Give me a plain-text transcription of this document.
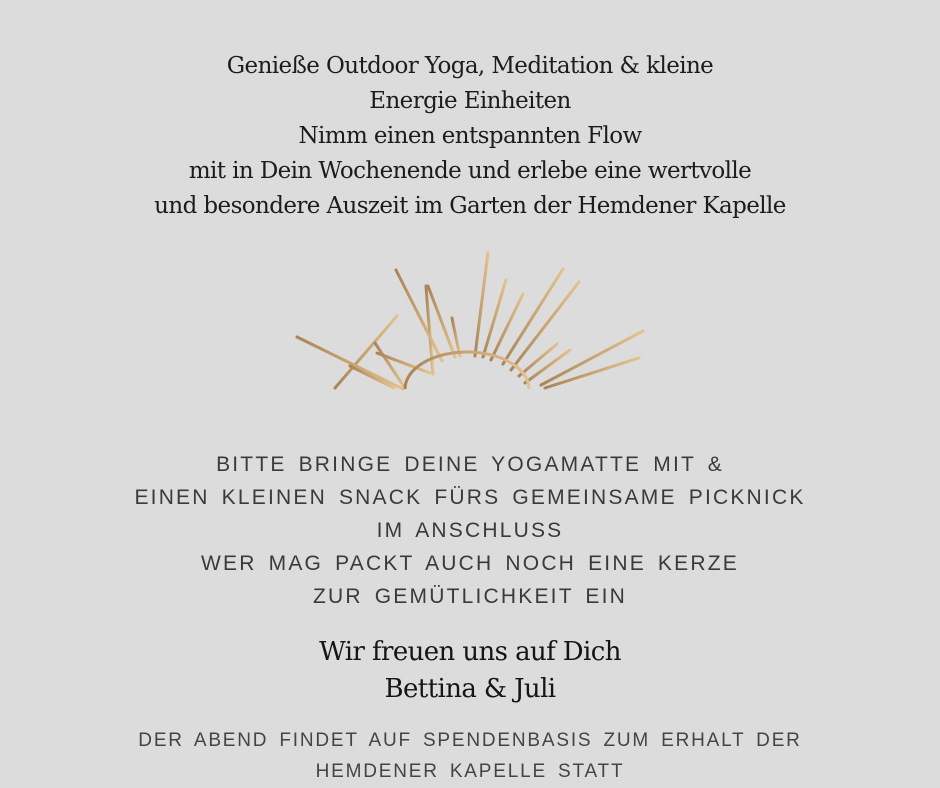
Genieße Outdoor Yoga, Meditation & kleine
Energie Einheiten
Nimm einen entspannten Flow
mit in Dein Wochenende und erlebe eine wertvolle
und besondere Auszeit im Garten der Hemdener Kapelle
BITTE BRINGE DEINE YOGAMATTE MIT &
EINEN KLEINEN SNACK FÜRS GEMEINSAME PICKNICK
IM ANSCHLUSS
WER MAG PACKT AUCH NOCH EINE KERZE
ZUR GEMÜTLICHKEIT EIN
Wir freuen uns auf Dich
Bettina & Juli
DER ABEND FINDET AUF SPENDENBASIS ZUM ERHALT DER
HEMDENER KAPELLE STATT
